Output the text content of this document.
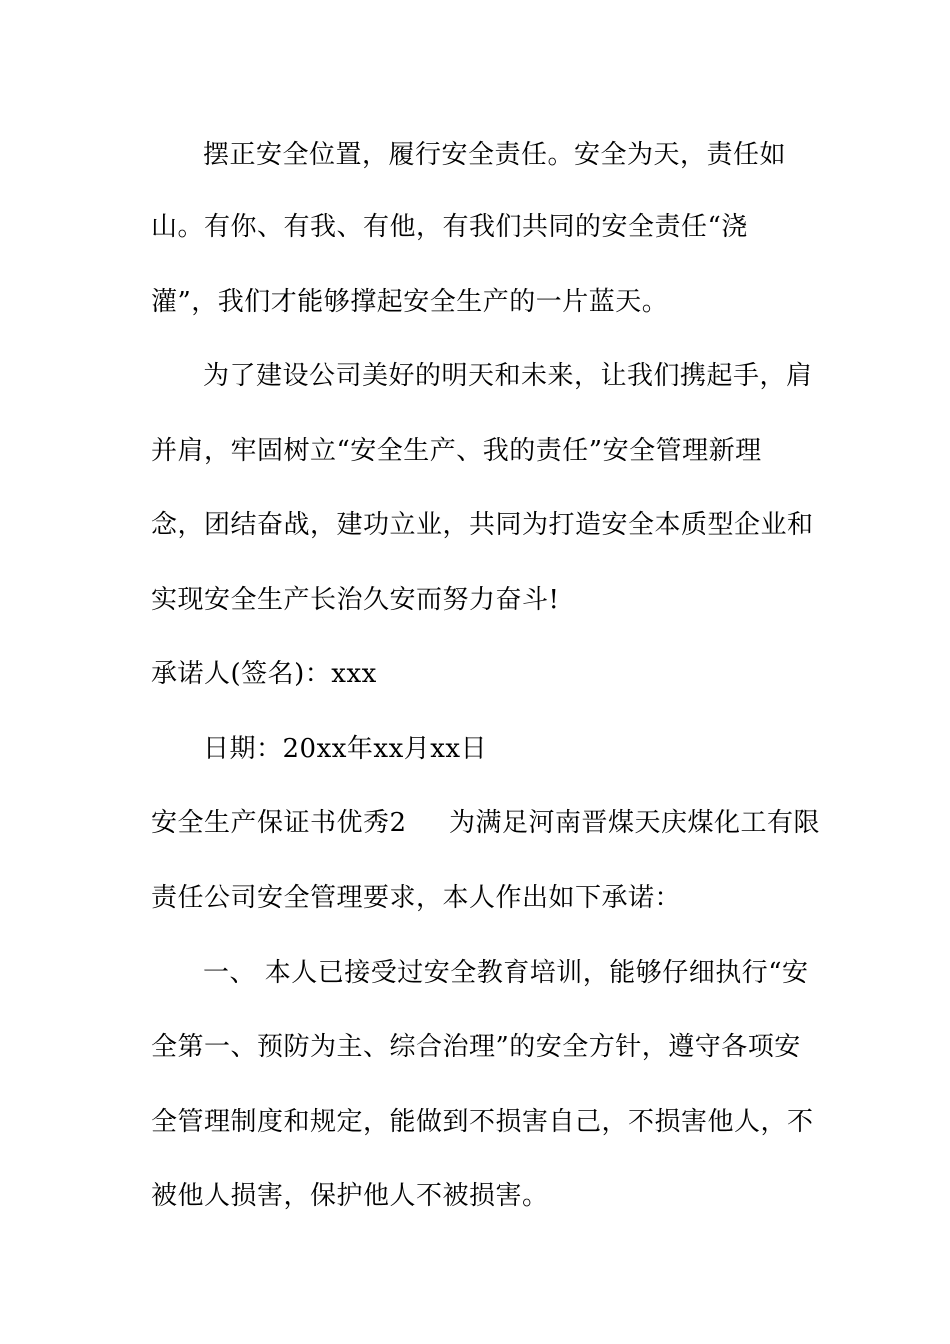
摆正安全位置，履行安全责任。安全为天，责任如
山。有你、有我、有他，有我们共同的安全责任“浇
灌”，我们才能够撑起安全生产的一片蓝天。
为了建设公司美好的明天和未来，让我们携起手，肩
并肩，牢固树立“安全生产、我的责任”安全管理新理
念，团结奋战，建功立业，共同为打造安全本质型企业和
实现安全生产长治久安而努力奋斗!
承诺人(签名)：xxx
日期：20xx年xx月xx日
安全生产保证书优秀2 为满足河南晋煤天庆煤化工有限
责任公司安全管理要求，本人作出如下承诺：
一、 本人已接受过安全教育培训，能够仔细执行“安
全第一、预防为主、综合治理”的安全方针，遵守各项安
全管理制度和规定，能做到不损害自己，不损害他人，不
被他人损害，保护他人不被损害。
